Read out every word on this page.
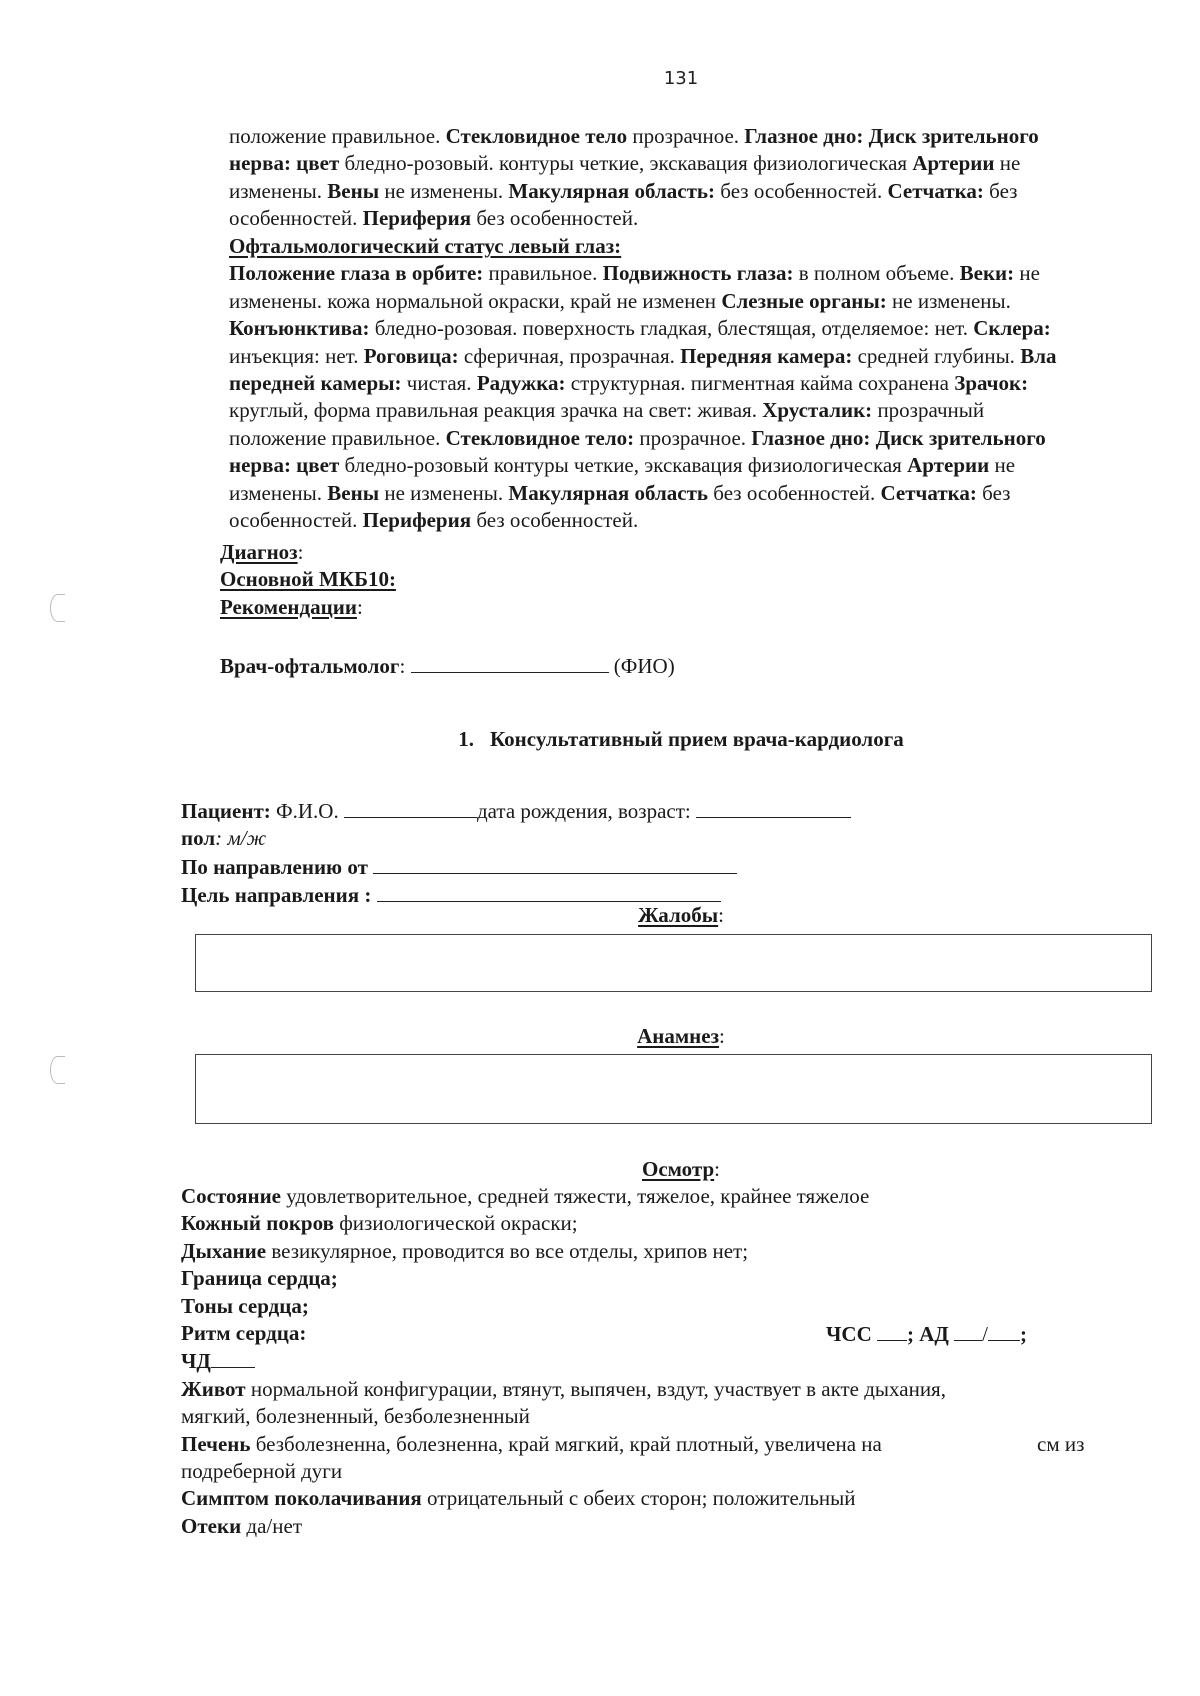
131
положение правильное. Стекловидное тело прозрачное. Глазное дно: Диск зрительного
нерва: цвет бледно-розовый. контуры четкие, экскавация физиологическая Артерии не
изменены. Вены не изменены. Макулярная область: без особенностей. Сетчатка: без
особенностей. Периферия без особенностей.
Офтальмологический статус левый глаз:
Положение глаза в орбите: правильное. Подвижность глаза: в полном объеме. Веки: не
изменены. кожа нормальной окраски, край не изменен Слезные органы: не изменены.
Конъюнктива: бледно-розовая. поверхность гладкая, блестящая, отделяемое: нет. Склера:
инъекция: нет. Роговица: сферичная, прозрачная. Передняя камера: средней глубины. Вла
передней камеры: чистая. Радужка: структурная. пигментная кайма сохранена Зрачок:
круглый, форма правильная реакция зрачка на свет: живая. Хрусталик: прозрачный
положение правильное. Стекловидное тело: прозрачное. Глазное дно: Диск зрительного
нерва: цвет бледно-розовый контуры четкие, экскавация физиологическая Артерии не
изменены. Вены не изменены. Макулярная область без особенностей. Сетчатка: без
особенностей. Периферия без особенностей.
Диагноз:
Основной МКБ10:
Рекомендации:
Врач-офтальмолог:	(ФИО)
1. Консультативный прием врача-кардиолога
Пациент: Ф.И.О.	дата рождения, возраст:
пол: м/ж
По направлению от
Цель направления :
Жалобы:
Анамнез:
Осмотр:
Состояние удовлетворительное, средней тяжести, тяжелое, крайнее тяжелое
Кожный покров физиологической окраски;
Дыхание везикулярное, проводится во все отделы, хрипов нет;
Граница сердца;
Тоны сердца;
Ритм сердца:	ЧСС ; АД / ;
ЧД
Живот нормальной конфигурации, втянут, выпячен, вздут, участвует в акте дыхания,
мягкий, болезненный, безболезненный
Печень безболезненна, болезненна, край мягкий, край плотный, увеличена на	см из
подреберной дуги
Симптом поколачивания отрицательный с обеих сторон; положительный
Отеки да/нет
